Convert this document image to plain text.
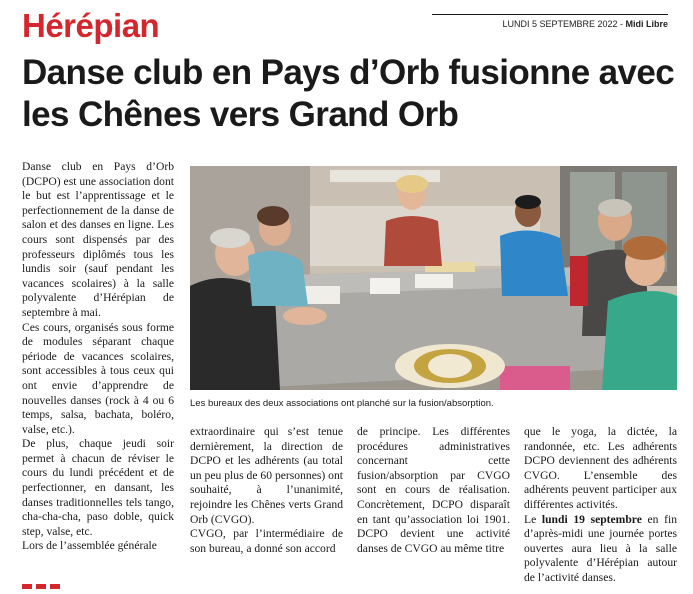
Hérépian	LUNDI 5 SEPTEMBRE 2022 - Midi Libre
Danse club en Pays d’Orb fusionne avec les Chênes vers Grand Orb

Danse club en Pays d’Orb (DCPO) est une association dont le but est l’apprentissage et le perfectionnement de la danse de salon et des danses en ligne. Les cours sont dispensés par des professeurs diplômés tous les lundis soir (sauf pendant les vacances scolaires) à la salle polyvalente d’Hérépian de septembre à mai.

Ces cours, organisés sous forme de modules séparant chaque période de vacances scolaires, sont accessibles à tous ceux qui ont envie d’apprendre de nouvelles danses (rock à 4 ou 6 temps, salsa, bachata, boléro, valse, etc.).

De plus, chaque jeudi soir permet à chacun de réviser le cours du lundi précédent et de perfectionner, en dansant, les danses traditionnelles tels tango, cha-cha-cha, paso doble, quick step, valse, etc.

Lors de l’assemblée générale

Les bureaux des deux associations ont planché sur la fusion/absorption.

extraordinaire qui s’est tenue dernièrement, la direction de DCPO et les adhérents (au total un peu plus de 60 personnes) ont souhaité, à l’unanimité, rejoindre les Chênes verts Grand Orb (CVGO).

CVGO, par l’intermédiaire de son bureau, a donné son accord

de principe. Les différentes procédures administratives concernant cette fusion/absorption par CVGO sont en cours de réalisation. Concrètement, DCPO disparaît en tant qu’association loi 1901. DCPO devient une activité danses de CVGO au même titre

que le yoga, la dictée, la randonnée, etc. Les adhérents DCPO deviennent des adhérents CVGO. L’ensemble des adhérents peuvent participer aux différentes activités.

Le lundi 19 septembre en fin d’après-midi une journée portes ouvertes aura lieu à la salle polyvalente d’Hérépian autour de l’activité danses.
